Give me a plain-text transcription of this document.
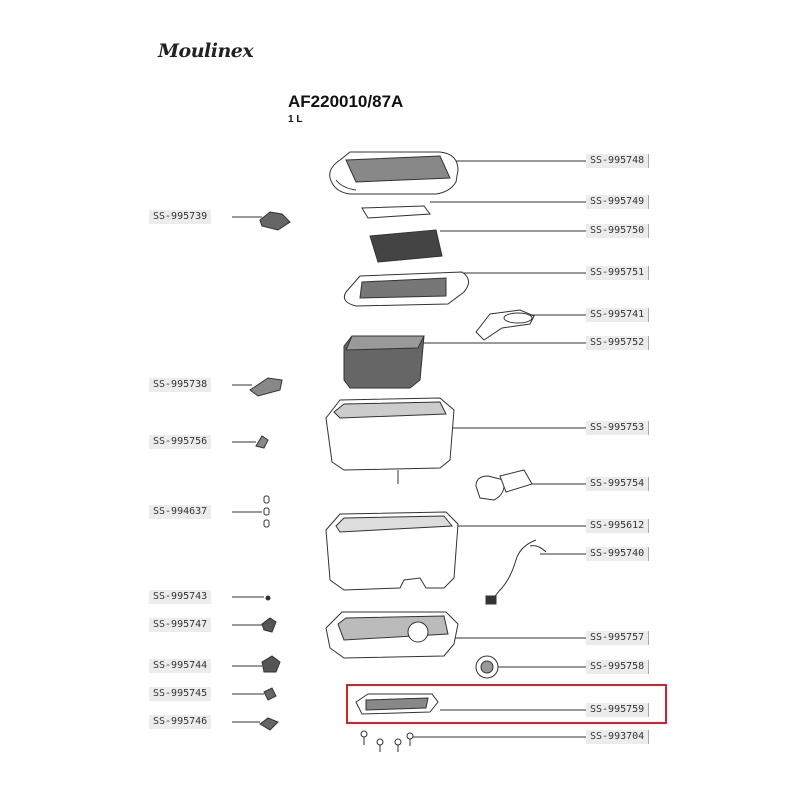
Moulinex
AF220010/87A
1 L
SS-995748
SS-995749
SS-995750
SS-995751
SS-995741
SS-995752
SS-995753
SS-995754
SS-995612
SS-995740
SS-995757
SS-995758
SS-995759
SS-993704
SS-995739
SS-995738
SS-995756
SS-994637
SS-995743
SS-995747
SS-995744
SS-995745
SS-995746
